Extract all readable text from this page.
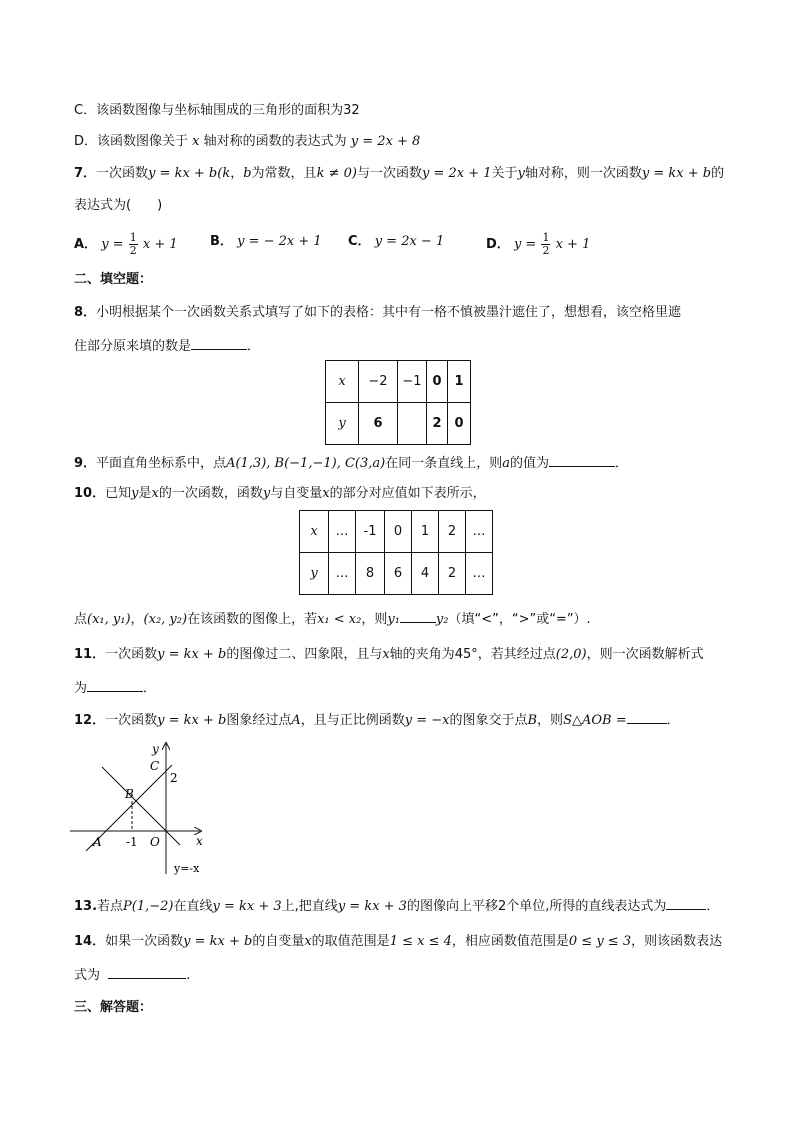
C．该函数图像与坐标轴围成的三角形的面积为32
D．该函数图像关于 x 轴对称的函数的表达式为 y = 2x + 8
7．一次函数y = kx + b(k，b为常数，且k ≠ 0)与一次函数y = 2x + 1关于y轴对称，则一次函数y = kx + b的
表达式为(　　)
A． $y = \frac{1}{2}$ x + 1 B． y = − 2x + 1 C． y = 2x − 1	D． $y = \frac{1}{2}$ x + 1
二、填空题：
8．小明根据某个一次函数关系式填写了如下的表格：其中有一格不慎被墨汁遮住了，想想看，该空格里遮
住部分原来填的数是	．
x	−2	−1	0	1
y	6		2	0
9．平面直角坐标系中，点A(1,3), B(−1,−1), C(3,a)在同一条直线上，则a的值为	．
10．已知y是x的一次函数，函数y与自变量x的部分对应值如下表所示，
x	…	-1	0	1	2	…
y	…	8	6	4	2	…
点(x₁, y₁)，(x₂, y₂)在该函数的图像上，若x₁ < x₂，则y₁	y₂（填“<”，“>”或“=”）.
11．一次函数y = kx + b的图像过二、四象限，且与x轴的夹角为45°，若其经过点(2,0)，则一次函数解析式
为	．
12．一次函数y = kx + b图象经过点A，且与正比例函数y = −x的图象交于点B，则S△AOB =	．
y
x
C
2
B
A -1 O
y=-x
13.若点P(1,−2)在直线y = kx + 3上,把直线y = kx + 3的图像向上平移2个单位,所得的直线表达式为	．
14．如果一次函数y = kx + b的自变量x的取值范围是1 ≤ x ≤ 4，相应函数值范围是0 ≤ y ≤ 3，则该函数表达
式为	.
三、解答题：
